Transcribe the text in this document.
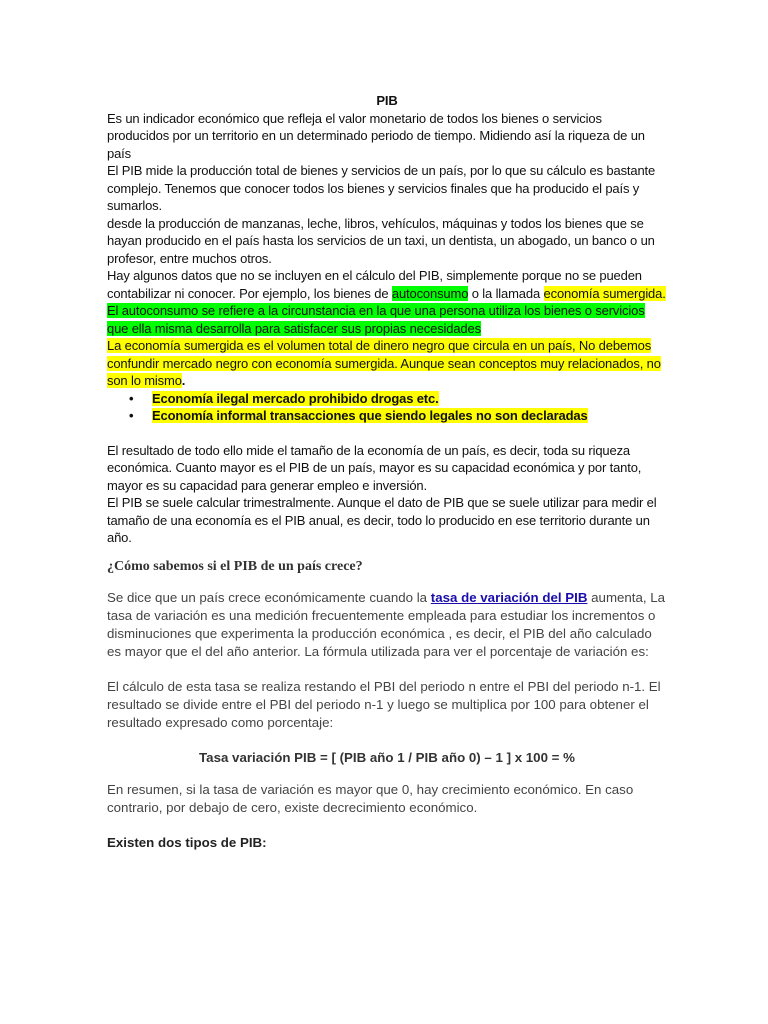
PIB

Es un indicador económico que refleja el valor monetario de todos los bienes o servicios producidos por un territorio en un determinado periodo de tiempo. Midiendo así la riqueza de un país

El PIB mide la producción total de bienes y servicios de un país, por lo que su cálculo es bastante complejo. Tenemos que conocer todos los bienes y servicios finales que ha producido el país y sumarlos.

desde la producción de manzanas, leche, libros, vehículos, máquinas y todos los bienes que se hayan producido en el país hasta los servicios de un taxi, un dentista, un abogado, un banco o un profesor, entre muchos otros.

Hay algunos datos que no se incluyen en el cálculo del PIB, simplemente porque no se pueden contabilizar ni conocer. Por ejemplo, los bienes de autoconsumo o la llamada economía sumergida.

El autoconsumo se refiere a la circunstancia en la que una persona utiliza los bienes o servicios que ella misma desarrolla para satisfacer sus propias necesidades

La economía sumergida es el volumen total de dinero negro que circula en un país, No debemos confundir mercado negro con economía sumergida. Aunque sean conceptos muy relacionados, no son lo mismo.

• Economía ilegal mercado prohibido drogas etc.
• Economía informal transacciones que siendo legales no son declaradas

El resultado de todo ello mide el tamaño de la economía de un país, es decir, toda su riqueza económica. Cuanto mayor es el PIB de un país, mayor es su capacidad económica y por tanto, mayor es su capacidad para generar empleo e inversión.

El PIB se suele calcular trimestralmente. Aunque el dato de PIB que se suele utilizar para medir el tamaño de una economía es el PIB anual, es decir, todo lo producido en ese territorio durante un año.

¿Cómo sabemos si el PIB de un país crece?

Se dice que un país crece económicamente cuando la tasa de variación del PIB aumenta, La tasa de variación es una medición frecuentemente empleada para estudiar los incrementos o disminuciones que experimenta la producción económica , es decir, el PIB del año calculado es mayor que el del año anterior. La fórmula utilizada para ver el porcentaje de variación es:

El cálculo de esta tasa se realiza restando el PBI del periodo n entre el PBI del periodo n-1. El resultado se divide entre el PBI del periodo n-1 y luego se multiplica por 100 para obtener el resultado expresado como porcentaje:

Tasa variación PIB = [ (PIB año 1 / PIB año 0) – 1 ] x 100 = %

En resumen, si la tasa de variación es mayor que 0, hay crecimiento económico. En caso contrario, por debajo de cero, existe decrecimiento económico.

Existen dos tipos de PIB:
